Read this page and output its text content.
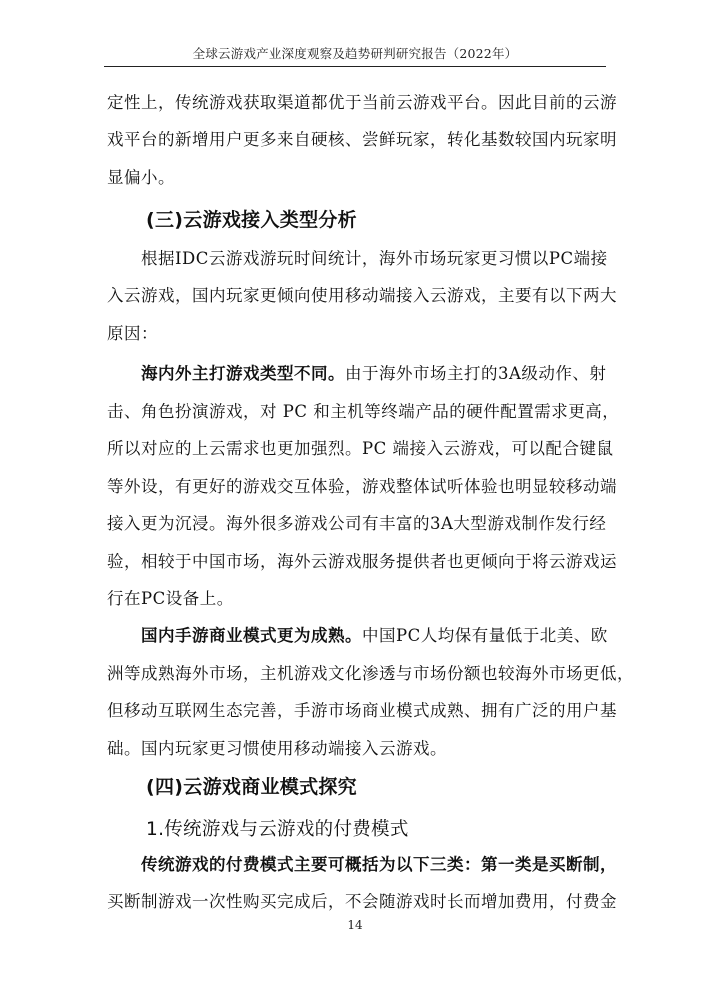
全球云游戏产业深度观察及趋势研判研究报告（2022年）
定性上，传统游戏获取渠道都优于当前云游戏平台。因此目前的云游
戏平台的新增用户更多来自硬核、尝鲜玩家，转化基数较国内玩家明
显偏小。
(三)云游戏接入类型分析
根据IDC云游戏游玩时间统计，海外市场玩家更习惯以PC端接
入云游戏，国内玩家更倾向使用移动端接入云游戏，主要有以下两大
原因：
海内外主打游戏类型不同。由于海外市场主打的3A级动作、射
击、角色扮演游戏，对 PC 和主机等终端产品的硬件配置需求更高，
所以对应的上云需求也更加强烈。PC 端接入云游戏，可以配合键鼠
等外设，有更好的游戏交互体验，游戏整体试听体验也明显较移动端
接入更为沉浸。海外很多游戏公司有丰富的3A大型游戏制作发行经
验，相较于中国市场，海外云游戏服务提供者也更倾向于将云游戏运
行在PC设备上。
国内手游商业模式更为成熟。中国PC人均保有量低于北美、欧
洲等成熟海外市场，主机游戏文化渗透与市场份额也较海外市场更低，
但移动互联网生态完善，手游市场商业模式成熟、拥有广泛的用户基
础。国内玩家更习惯使用移动端接入云游戏。
(四)云游戏商业模式探究
1.传统游戏与云游戏的付费模式
传统游戏的付费模式主要可概括为以下三类：第一类是买断制，
买断制游戏一次性购买完成后，不会随游戏时长而增加费用，付费金
14
